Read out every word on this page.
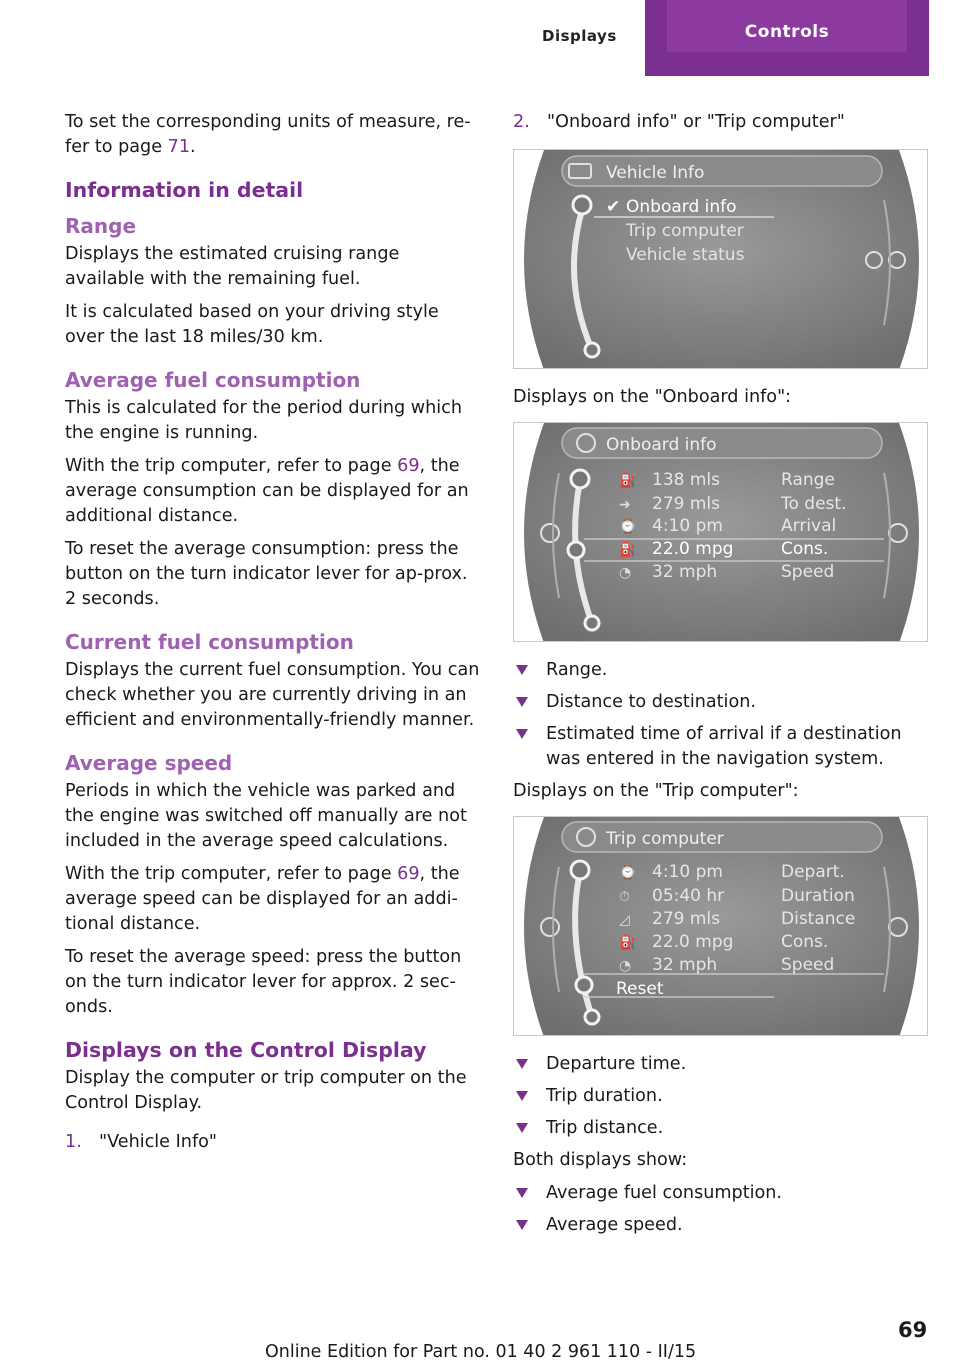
Displays	Controls

To set the corresponding units of measure, re‐fer to page 71.

Information in detail
Range

Displays the estimated cruising range available with the remaining fuel.

It is calculated based on your driving style over the last 18 miles/30 km.

Average fuel consumption

This is calculated for the period during which the engine is running.

With the trip computer, refer to page 69, the average consumption can be displayed for an additional distance.

To reset the average consumption: press the button on the turn indicator lever for ap‐prox. 2 seconds.

Current fuel consumption

Displays the current fuel consumption. You can check whether you are currently driving in an efficient and environmentally-friendly manner.

Average speed

Periods in which the vehicle was parked and the engine was switched off manually are not included in the average speed calculations.

With the trip computer, refer to page 69, the average speed can be displayed for an addi‐tional distance.

To reset the average speed: press the button on the turn indicator lever for approx. 2 sec‐onds.

Displays on the Control Display

Display the computer or trip computer on the Control Display.

1. "Vehicle Info"
2. "Onboard info" or "Trip computer"
Vehicle Info
✔ Onboard info
Trip computer
Vehicle status

Displays on the "Onboard info":

Onboard info
⛽
➜
⌚
⛽
◔
138 mls
279 mls
4:10 pm
22.0 mpg
32 mph
Range
To dest.
Arrival
Cons.
Speed
Range.
Distance to destination.
Estimated time of arrival if a destination was entered in the navigation system.

Displays on the "Trip computer":

Trip computer
⌚
⏱
◿
⛽
◔
4:10 pm
05:40 hr
279 mls
22.0 mpg
32 mph
Depart.
Duration
Distance
Cons.
Speed
Reset
Departure time.
Trip duration.
Trip distance.

Both displays show:

Average fuel consumption.
Average speed.
69
Online Edition for Part no. 01 40 2 961 110 - II/15
